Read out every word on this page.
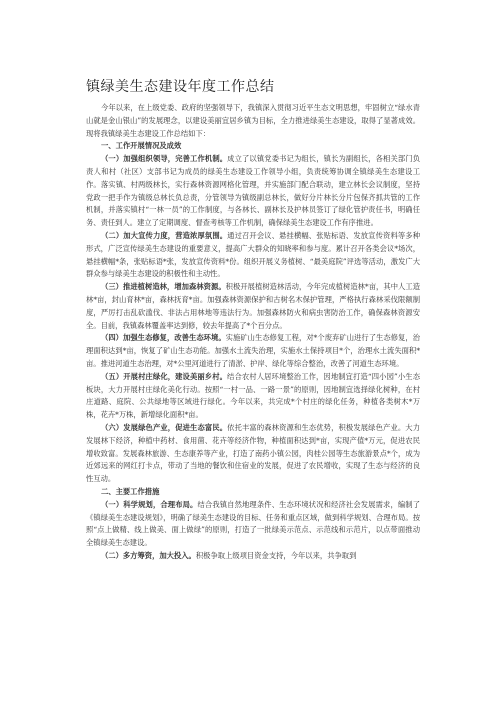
镇绿美生态建设年度工作总结

今年以来，在上级党委、政府的坚强领导下，我镇深入贯彻习近平生态文明思想，牢固树立“绿水青山就是金山银山”的发展理念，以建设美丽宜居乡镇为目标，全力推进绿美生态建设，取得了显著成效。现将我镇绿美生态建设工作总结如下：

一、工作开展情况及成效

（一）加强组织领导，完善工作机制。成立了以镇党委书记为组长，镇长为副组长，各相关部门负责人和村（社区）支部书记为成员的绿美生态建设工作领导小组，负责统筹协调全镇绿美生态建设工作。落实镇、村两级林长，实行森林资源网格化管理，并实施部门配合联动，建立林长会议制度，坚持党政一把手作为镇级总林长负总责，分管领导为镇级副总林长，做好分片林长分片包保齐抓共管的工作机制，并落实镇村“一林一员”的工作制度，与各林长、副林长及护林员签订了绿化管护责任书，明确任务、责任到人。建立了定期调度、督查考核等工作机制，确保绿美生态建设工作有序推进。

（二）加大宣传力度，营造浓厚氛围。通过召开会议、悬挂横幅、张贴标语、发放宣传资料等多种形式，广泛宣传绿美生态建设的重要意义，提高广大群众的知晓率和参与度。累计召开各类会议*场次，悬挂横幅*条，张贴标语*张，发放宣传资料*份。组织开展义务植树、“最美庭院”评选等活动，激发广大群众参与绿美生态建设的积极性和主动性。

（三）推进植树造林，增加森林资源。积极开展植树造林活动，今年完成植树造林*亩，其中人工造林*亩，封山育林*亩，森林抚育*亩。加强森林资源保护和古树名木保护管理，严格执行森林采伐限额制度，严厉打击乱砍滥伐、非法占用林地等违法行为。加强森林防火和病虫害防治工作，确保森林资源安全。目前，我镇森林覆盖率达到修，较去年提高了*个百分点。

（四）加强生态修复，改善生态环境。实施矿山生态修复工程，对*个废弃矿山进行了生态修复，治理面积达到*亩，恢复了矿山生态功能。加强水土流失治理，实施水土保持项目*个，治理水土流失面积*亩。推进河道生态治理，对*公里河道进行了清淤、护岸、绿化等综合整治，改善了河道生态环境。

（五）开展村庄绿化，建设美丽乡村。结合农村人居环境整治工作，因地制宜打造“四小园”小生态板块，大力开展村庄绿化美化行动。按照“一村一品、一路一景”的原则，因地制宜选择绿化树种，在村庄道路、庭院、公共绿地等区域进行绿化。今年以来，共完成*个村庄的绿化任务，种植各类树木*万株，花卉*万株，新增绿化面积*亩。

（六）发展绿色产业，促进生态富民。依托丰富的森林资源和生态优势，积极发展绿色产业。大力发展林下经济，种植中药材、食用菌、花卉等经济作物，种植面积达到*亩，实现产值*万元，促进农民增收致富。发展森林旅游、生态康养等产业，打造了南药小镇公园，肉桂公园等生态旅游景点*个，成为近郊远来的网红打卡点，带动了当地的餐饮和住宿业的发展，促进了农民增收，实现了生态与经济的良性互动。

二、主要工作措施

（一）科学规划，合理布局。结合我镇自然地理条件、生态环境状况和经济社会发展需求，编制了《镇绿美生态建设规划》，明确了绿美生态建设的目标、任务和重点区域，做到科学规划、合理布局。按照“点上做精、线上做美、面上做绿”的原则，打造了一批绿美示范点、示范线和示范片，以点带面推动全镇绿美生态建设。

（二）多方筹资，加大投入。积极争取上级项目资金支持，今年以来，共争取到
